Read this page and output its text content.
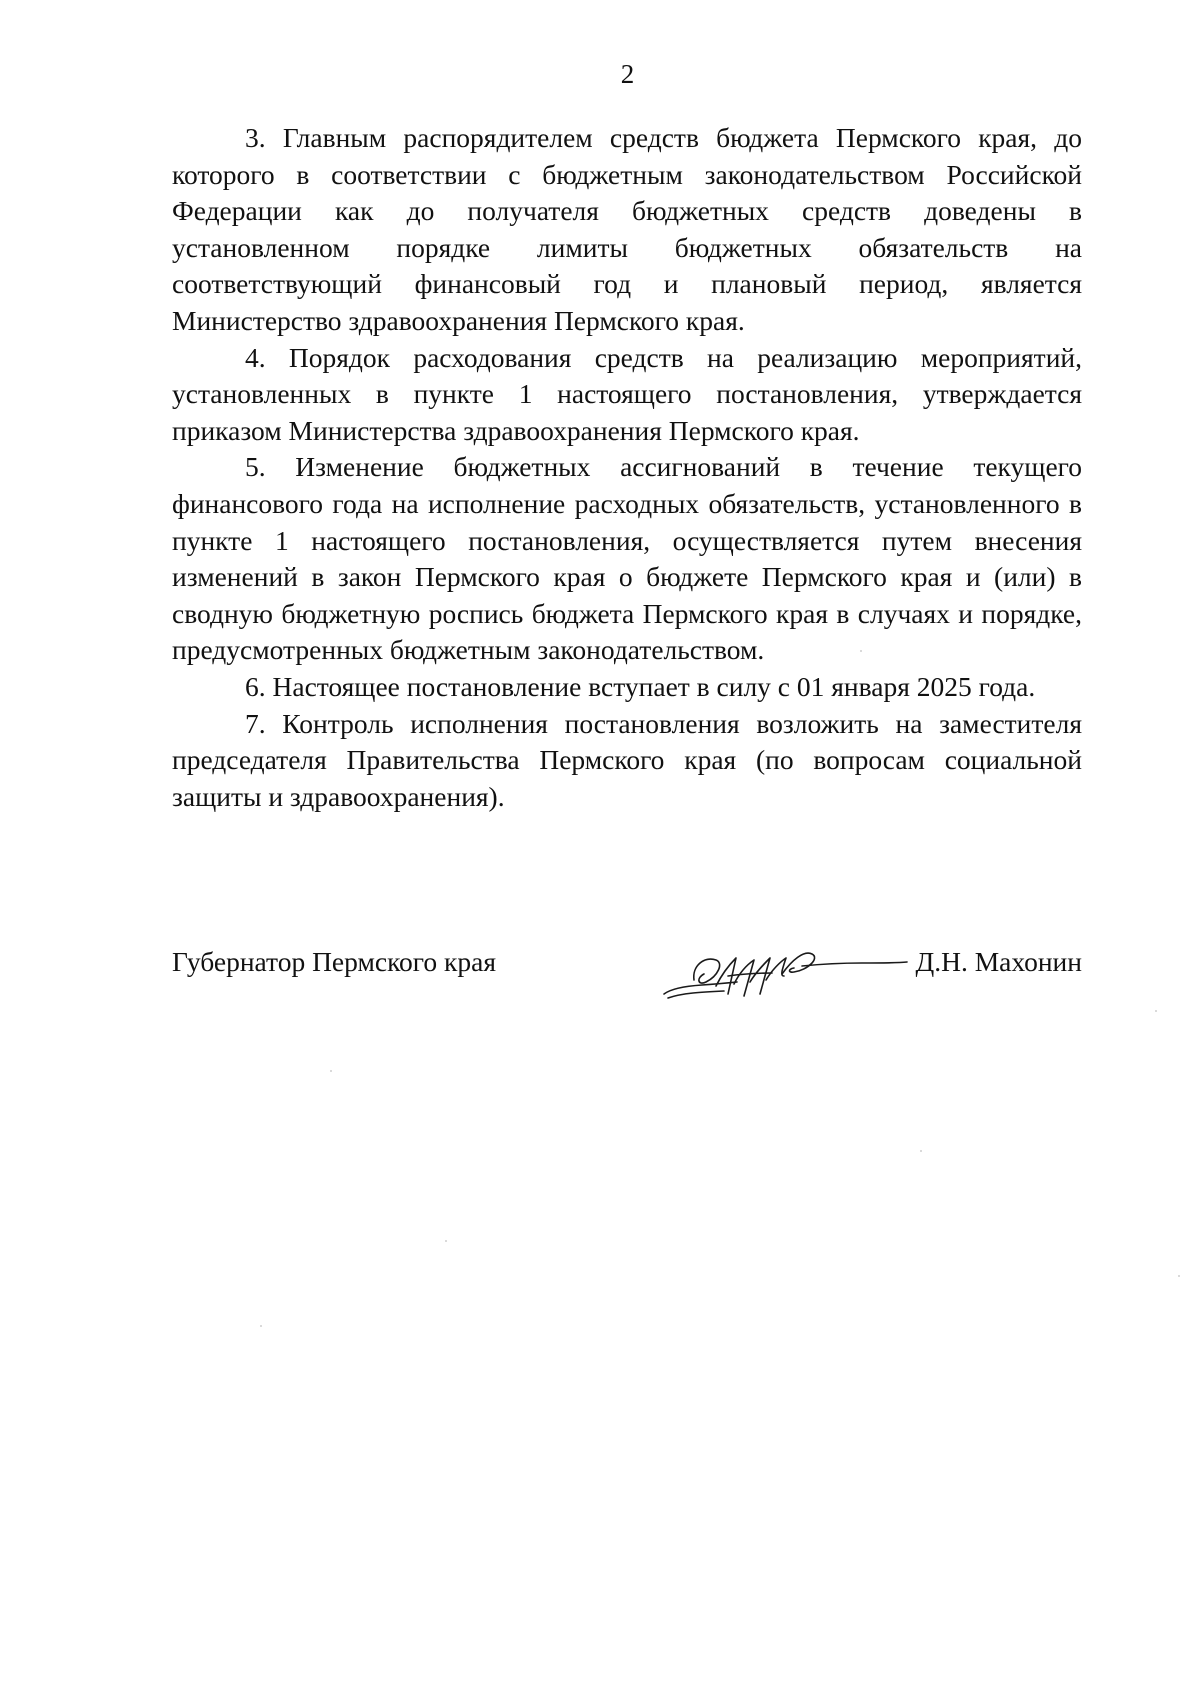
2

3. Главным распорядителем средств бюджета Пермского края, до которого в соответствии с бюджетным законодательством Российской Федерации как до получателя бюджетных средств доведены в установленном порядке лимиты бюджетных обязательств на соответствующий финансовый год и плановый период, является Министерство здравоохранения Пермского края.

4. Порядок расходования средств на реализацию мероприятий, установленных в пункте 1 настоящего постановления, утверждается приказом Министерства здравоохранения Пермского края.

5. Изменение бюджетных ассигнований в течение текущего финансового года на исполнение расходных обязательств, установленного в пункте 1 настоящего постановления, осуществляется путем внесения изменений в закон Пермского края о бюджете Пермского края и (или) в сводную бюджетную роспись бюджета Пермского края в случаях и порядке, предусмотренных бюджетным законодательством.

6. Настоящее постановление вступает в силу с 01 января 2025 года.

7. Контроль исполнения постановления возложить на заместителя председателя Правительства Пермского края (по вопросам социальной защиты и здравоохранения).

Губернатор Пермского края	Д.Н. Махонин
